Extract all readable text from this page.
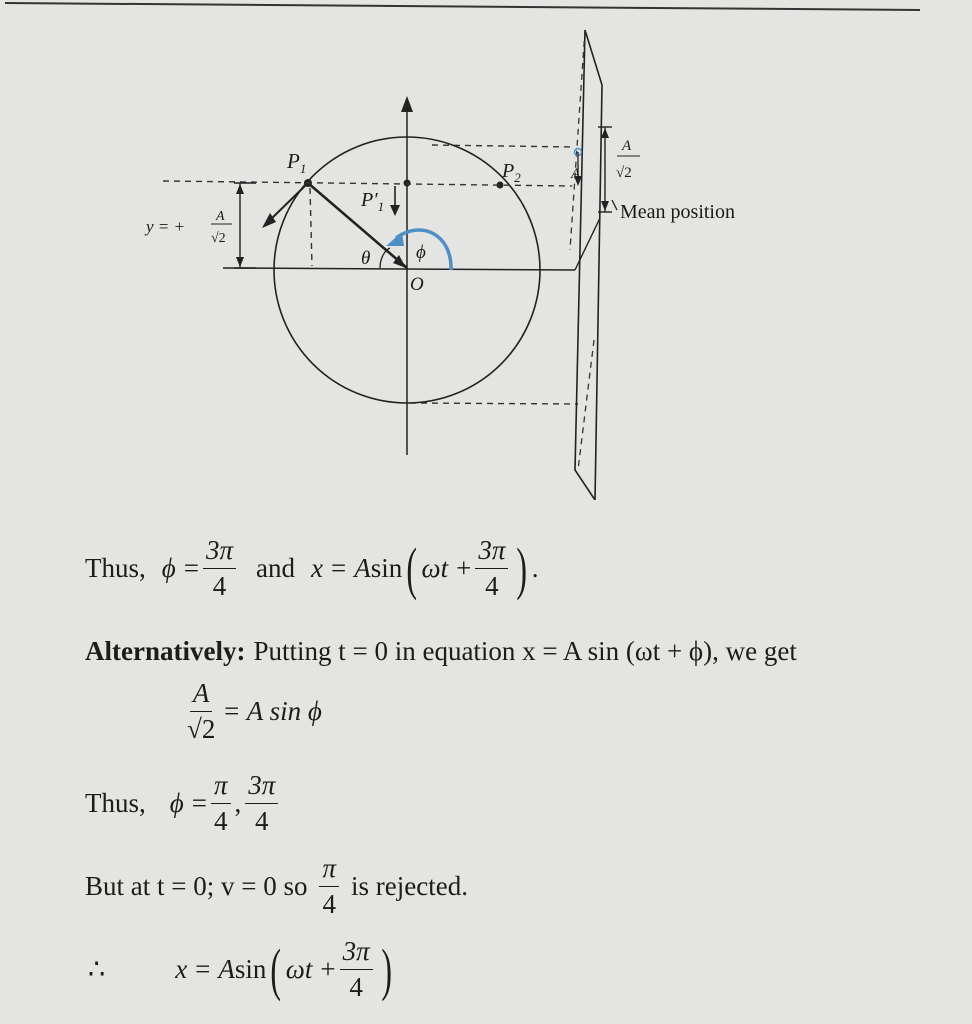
$P_1$
$P'_1$
$P_2$
θ ϕ
O
y = +
A
√2
A
A
√2
Mean position
Thus, $\phi = \frac{3\pi}{4}$ and x = A sin ( $\omega t + \frac{3\pi}{4}$ ) .
Alternatively: Putting t = 0 in equation x = A sin (ωt + ϕ), we get
$\frac{A}{√2} = A$ sin ϕ
Thus, $\phi = \frac{\pi}{4}$ , $\frac{3\pi}{4}$
But at t = 0; v = 0 so $\frac{\pi}{4}$ is rejected.
∴	x = A sin ( $\omega t + \frac{3\pi}{4}$ )
